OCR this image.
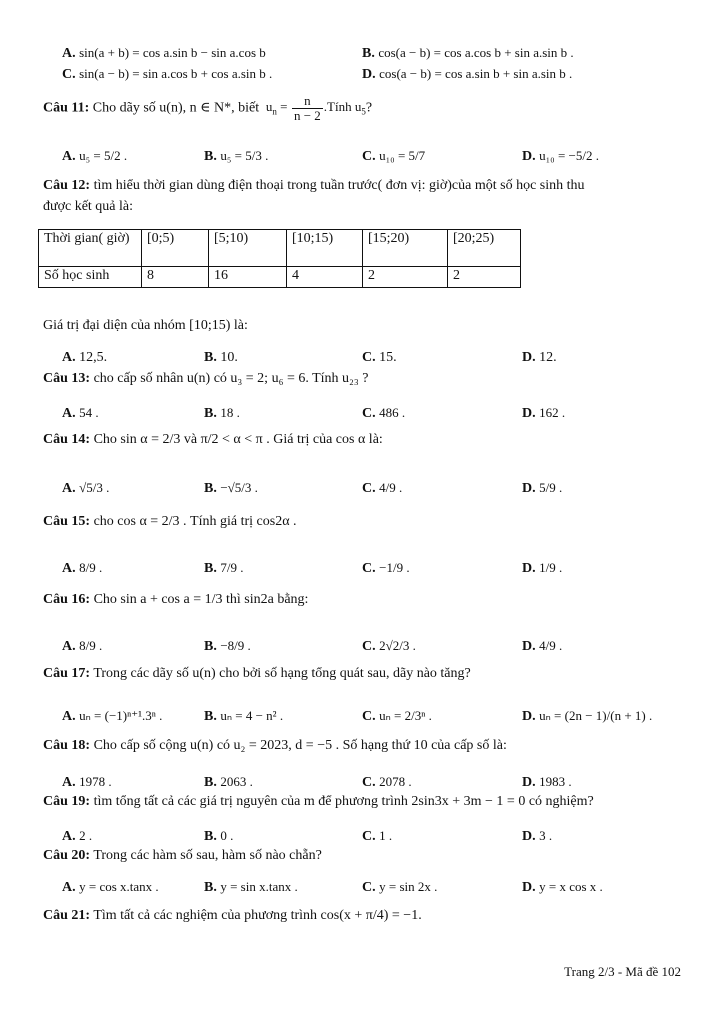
A. sin(a + b) = cos a.sin b − sin a.cos b	B. cos(a − b) = cos a.cos b + sin a.sin b .
C. sin(a − b) = sin a.cos b + cos a.sin b .	D. cos(a − b) = cos a.sin b + sin a.sin b .
Câu 11: Cho dãy số u(n), n ∈ N*, biết $u_n = \frac{n}{n - 2}$ .Tính $u_5$?
A. u₅ = 5/2 .	B. u₅ = 5/3 .	C. u₁₀ = 5/7	D. u₁₀ = −5/2 .
Câu 12: tìm hiểu thời gian dùng điện thoại trong tuần trước( đơn vị: giờ)của một số học sinh thu
được kết quả là:
Thời gian( giờ)	[0;5)	[5;10)	[10;15)	[15;20)	[20;25)
Số học sinh	8	16	4	2	2
Giá trị đại diện của nhóm [10;15) là:
A. 12,5.	B. 10.	C. 15.	D. 12.
Câu 13: cho cấp số nhân u(n) có u₃ = 2; u₆ = 6. Tính u₂₃ ?
A. 54 .	B. 18 .	C. 486 .	D. 162 .
Câu 14: Cho sin α = 2/3 và π/2 < α < π . Giá trị của cos α là:
A. √5/3 .	B. −√5/3 .	C. 4/9 .	D. 5/9 .
Câu 15: cho cos α = 2/3 . Tính giá trị cos2α .
A. 8/9 .	B. 7/9 .	C. −1/9 .	D. 1/9 .
Câu 16: Cho sin a + cos a = 1/3 thì sin2a bằng:
A. 8/9 .	B. −8/9 .	C. 2√2/3 .	D. 4/9 .
Câu 17: Trong các dãy số u(n) cho bởi số hạng tổng quát sau, dãy nào tăng?
A. uₙ = (−1)ⁿ⁺¹.3ⁿ .	B. uₙ = 4 − n² .	C. uₙ = 2/3ⁿ .	D. uₙ = (2n − 1)/(n + 1) .
Câu 18: Cho cấp số cộng u(n) có u₂ = 2023, d = −5 . Số hạng thứ 10 của cấp số là:
A. 1978 .	B. 2063 .	C. 2078 .	D. 1983 .
Câu 19: tìm tổng tất cả các giá trị nguyên của m để phương trình 2sin3x + 3m − 1 = 0 có nghiệm?
A. 2 .	B. 0 .	C. 1 .	D. 3 .
Câu 20: Trong các hàm số sau, hàm số nào chẵn?
A. y = cos x.tanx .	B. y = sin x.tanx .	C. y = sin 2x .	D. y = x cos x .
Câu 21: Tìm tất cả các nghiệm của phương trình cos(x + π/4) = −1.
Trang 2/3 - Mã đề 102
